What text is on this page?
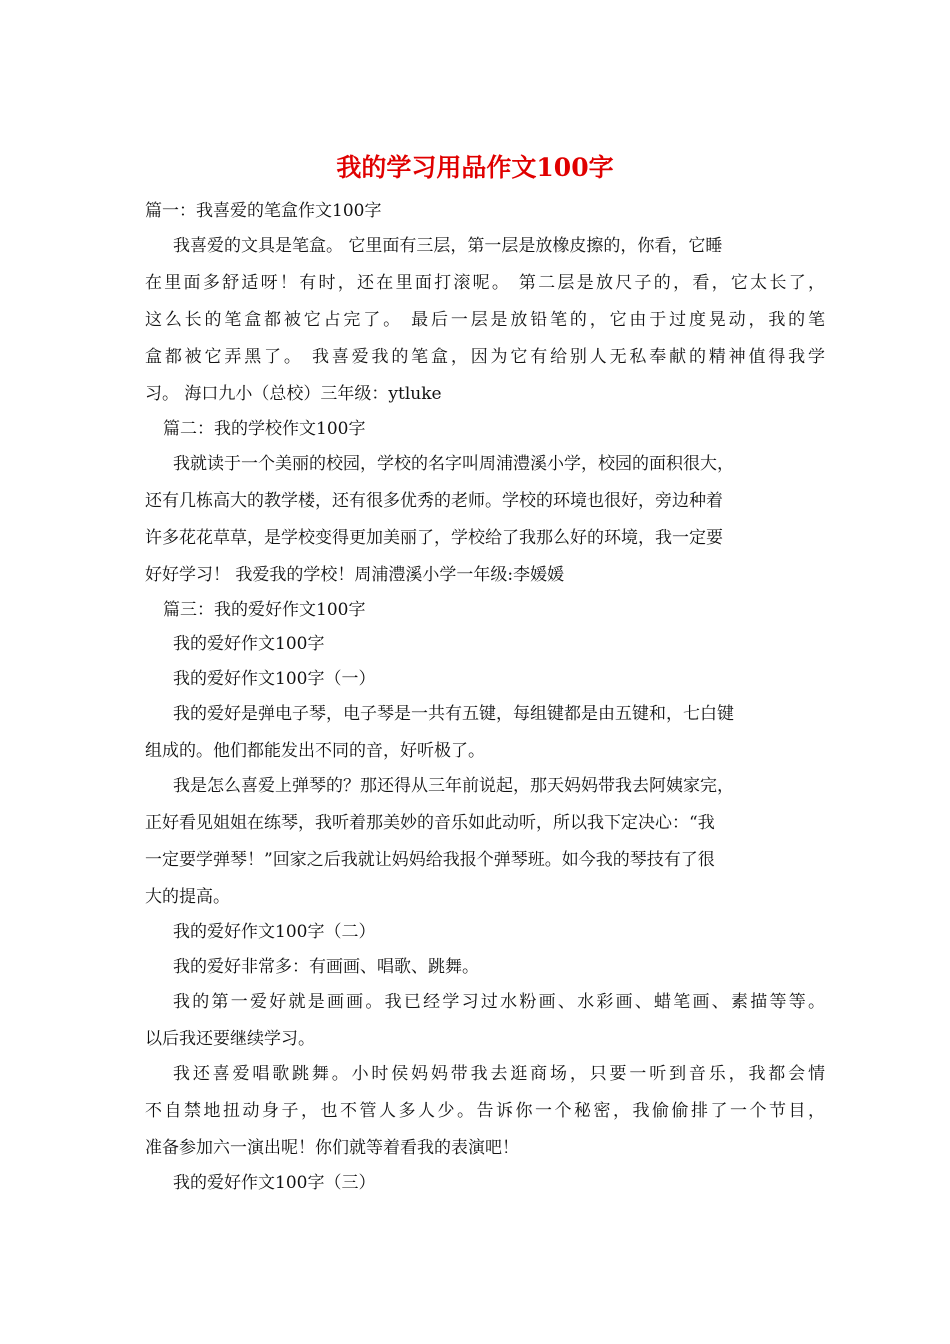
我的学习用品作文100字
篇一：我喜爱的笔盒作文100字
我喜爱的文具是笔盒。 它里面有三层，第一层是放橡皮擦的，你看，它睡
在里面多舒适呀！有时，还在里面打滚呢。 第二层是放尺子的，看，它太长了，
这么长的笔盒都被它占完了。 最后一层是放铅笔的，它由于过度晃动，我的笔
盒都被它弄黑了。 我喜爱我的笔盒，因为它有给别人无私奉献的精神值得我学
习。 海口九小（总校）三年级：ytluke
篇二：我的学校作文100字
我就读于一个美丽的校园，学校的名字叫周浦澧溪小学，校园的面积很大，
还有几栋高大的教学楼，还有很多优秀的老师。学校的环境也很好，旁边种着
许多花花草草，是学校变得更加美丽了，学校给了我那么好的环境，我一定要
好好学习！ 我爱我的学校！周浦澧溪小学一年级:李媛媛
篇三：我的爱好作文100字
我的爱好作文100字
我的爱好作文100字（一）
我的爱好是弹电子琴，电子琴是一共有五键，每组键都是由五键和，七白键
组成的。他们都能发出不同的音，好听极了。
我是怎么喜爱上弹琴的？那还得从三年前说起，那天妈妈带我去阿姨家完，
正好看见姐姐在练琴，我听着那美妙的音乐如此动听，所以我下定决心：“我
一定要学弹琴！”回家之后我就让妈妈给我报个弹琴班。如今我的琴技有了很
大的提高。
我的爱好作文100字（二）
我的爱好非常多：有画画、唱歌、跳舞。
我的第一爱好就是画画。我已经学习过水粉画、水彩画、蜡笔画、素描等等。
以后我还要继续学习。
我还喜爱唱歌跳舞。小时侯妈妈带我去逛商场，只要一听到音乐，我都会情
不自禁地扭动身子，也不管人多人少。告诉你一个秘密，我偷偷排了一个节目，
准备参加六一演出呢！你们就等着看我的表演吧！
我的爱好作文100字（三）
